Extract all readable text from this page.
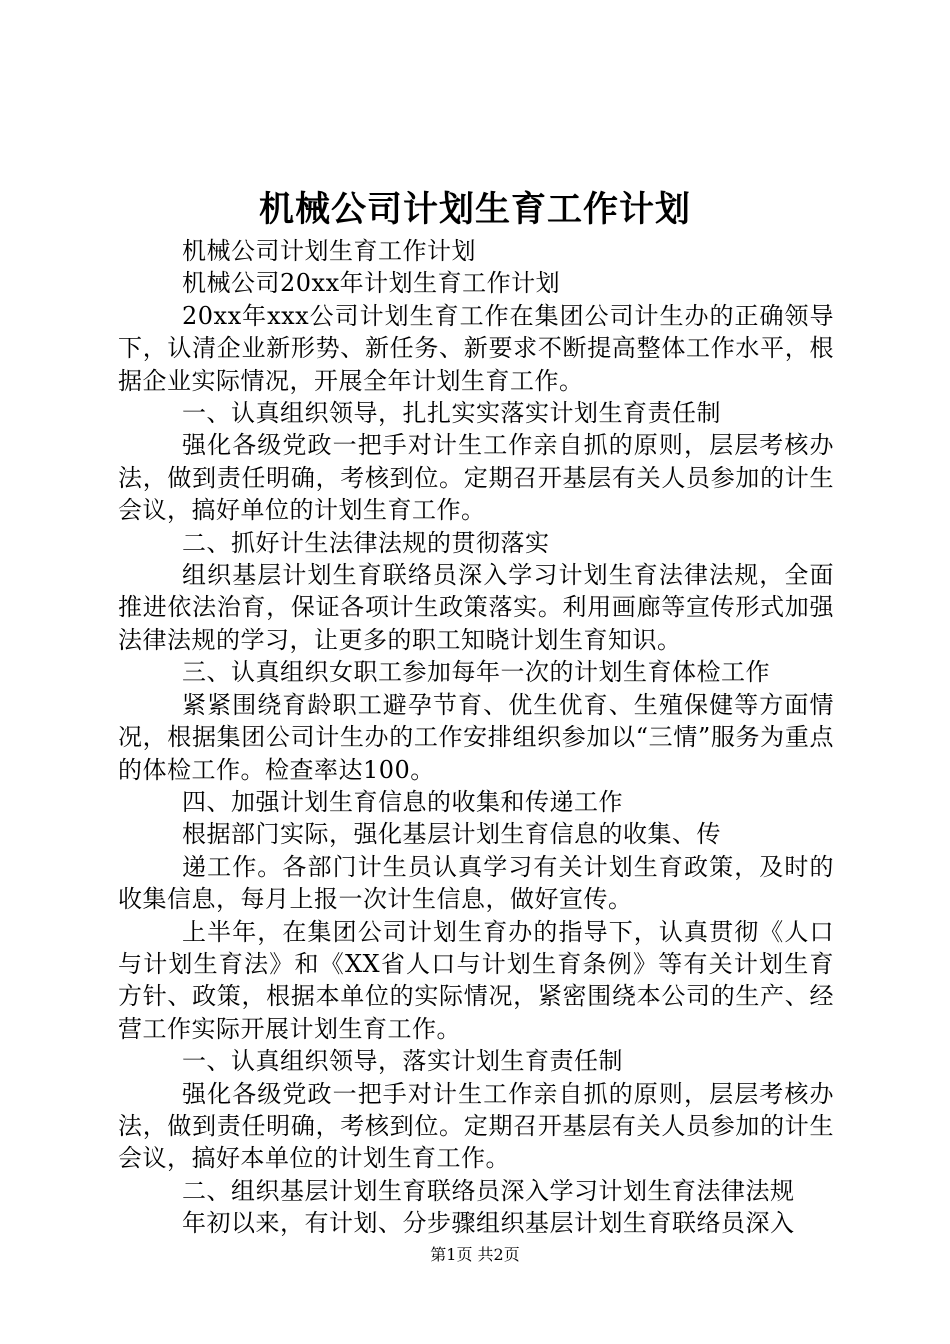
机械公司计划生育工作计划

机械公司计划生育工作计划

机械公司20xx年计划生育工作计划

20xx年xxx公司计划生育工作在集团公司计生办的正确领导下，认清企业新形势、新任务、新要求不断提高整体工作水平，根据企业实际情况，开展全年计划生育工作。

一、认真组织领导，扎扎实实落实计划生育责任制

强化各级党政一把手对计生工作亲自抓的原则，层层考核办法，做到责任明确，考核到位。定期召开基层有关人员参加的计生会议，搞好单位的计划生育工作。

二、抓好计生法律法规的贯彻落实

组织基层计划生育联络员深入学习计划生育法律法规，全面推进依法治育，保证各项计生政策落实。利用画廊等宣传形式加强法律法规的学习，让更多的职工知晓计划生育知识。

三、认真组织女职工参加每年一次的计划生育体检工作

紧紧围绕育龄职工避孕节育、优生优育、生殖保健等方面情况，根据集团公司计生办的工作安排组织参加以“三情”服务为重点的体检工作。检查率达100。

四、加强计划生育信息的收集和传递工作

根据部门实际，强化基层计划生育信息的收集、传

递工作。各部门计生员认真学习有关计划生育政策，及时的收集信息，每月上报一次计生信息，做好宣传。

上半年，在集团公司计划生育办的指导下，认真贯彻《人口与计划生育法》和《XX省人口与计划生育条例》等有关计划生育方针、政策，根据本单位的实际情况，紧密围绕本公司的生产、经营工作实际开展计划生育工作。

一、认真组织领导，落实计划生育责任制

强化各级党政一把手对计生工作亲自抓的原则，层层考核办法，做到责任明确，考核到位。定期召开基层有关人员参加的计生会议，搞好本单位的计划生育工作。

二、组织基层计划生育联络员深入学习计划生育法律法规

年初以来，有计划、分步骤组织基层计划生育联络员深入

第1页 共2页
